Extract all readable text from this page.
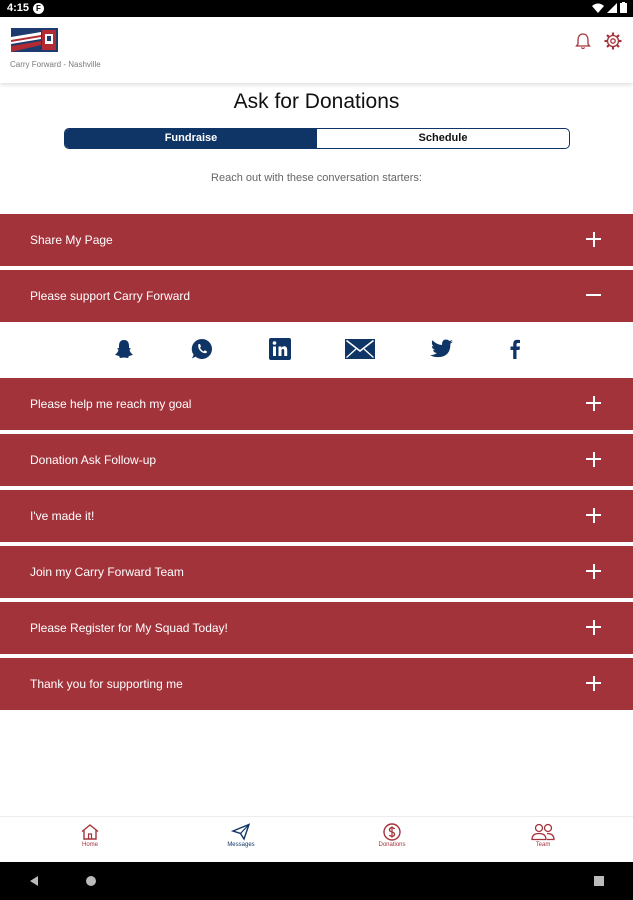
4:15 F
Carry Forward - Nashville
Ask for Donations
Fundraise	Schedule
Reach out with these conversation starters:
Share My Page
Please support Carry Forward
Please help me reach my goal
Donation Ask Follow-up
I've made it!
Join my Carry Forward Team
Please Register for My Squad Today!
Thank you for supporting me
Home	Messages	Donations	Team
